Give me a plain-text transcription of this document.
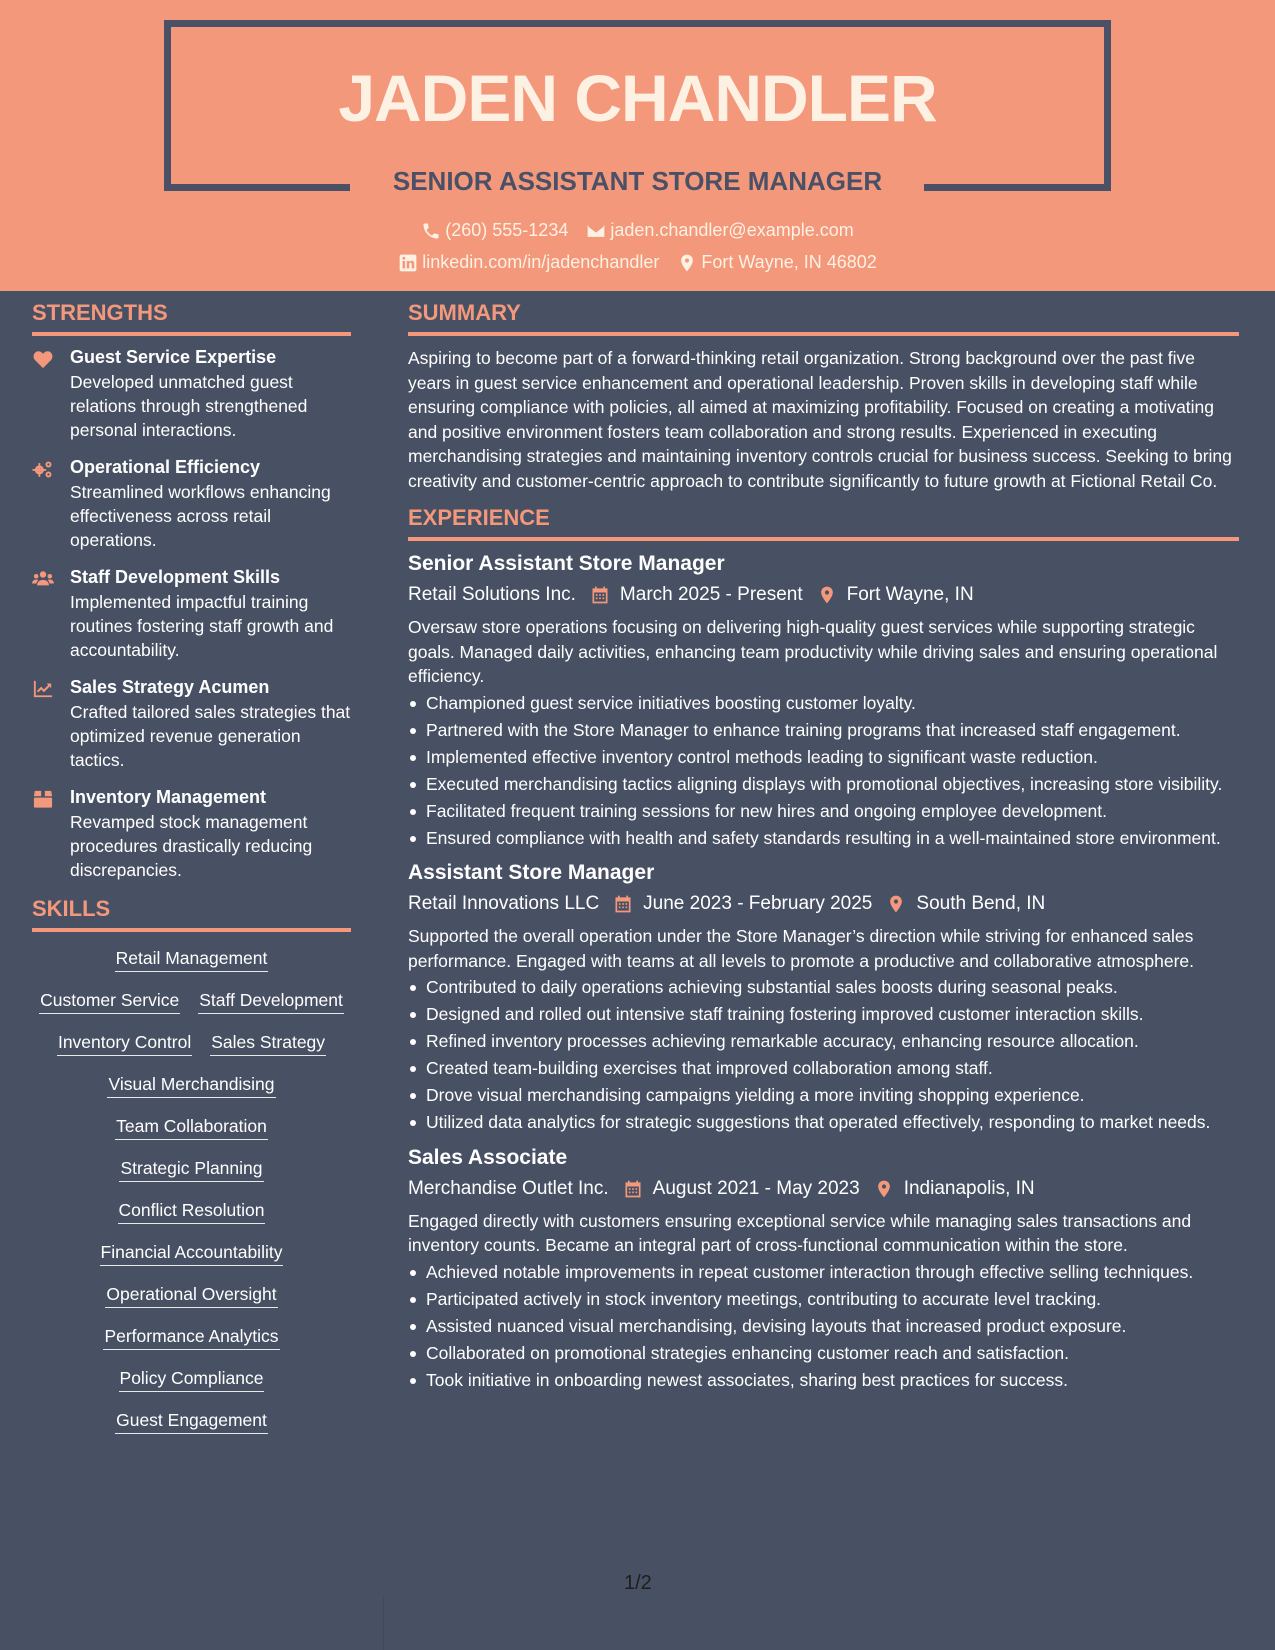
JADEN CHANDLER
SENIOR ASSISTANT STORE MANAGER
(260) 555-1234 jaden.chandler@example.com
linkedin.com/in/jadenchandler Fort Wayne, IN 46802
STRENGTHS
Guest Service Expertise
Developed unmatched guest relations through strengthened personal interactions.
Operational Efficiency
Streamlined workflows enhancing effectiveness across retail operations.
Staff Development Skills
Implemented impactful training routines fostering staff growth and accountability.
Sales Strategy Acumen
Crafted tailored sales strategies that optimized revenue generation tactics.
Inventory Management
Revamped stock management procedures drastically reducing discrepancies.
SKILLS
Retail Management
Customer Service Staff Development
Inventory Control Sales Strategy
Visual Merchandising
Team Collaboration
Strategic Planning
Conflict Resolution
Financial Accountability
Operational Oversight
Performance Analytics
Policy Compliance
Guest Engagement
SUMMARY
Aspiring to become part of a forward-thinking retail organization. Strong background over the past five years in guest service enhancement and operational leadership. Proven skills in developing staff while ensuring compliance with policies, all aimed at maximizing profitability. Focused on creating a motivating and positive environment fosters team collaboration and strong results. Experienced in executing merchandising strategies and maintaining inventory controls crucial for business success. Seeking to bring creativity and customer-centric approach to contribute significantly to future growth at Fictional Retail Co.
EXPERIENCE
Senior Assistant Store Manager
Retail Solutions Inc. March 2025 - Present Fort Wayne, IN
Oversaw store operations focusing on delivering high-quality guest services while supporting strategic goals. Managed daily activities, enhancing team productivity while driving sales and ensuring operational efficiency.
Championed guest service initiatives boosting customer loyalty.
Partnered with the Store Manager to enhance training programs that increased staff engagement.
Implemented effective inventory control methods leading to significant waste reduction.
Executed merchandising tactics aligning displays with promotional objectives, increasing store visibility.
Facilitated frequent training sessions for new hires and ongoing employee development.
Ensured compliance with health and safety standards resulting in a well-maintained store environment.
Assistant Store Manager
Retail Innovations LLC June 2023 - February 2025 South Bend, IN
Supported the overall operation under the Store Manager’s direction while striving for enhanced sales performance. Engaged with teams at all levels to promote a productive and collaborative atmosphere.
Contributed to daily operations achieving substantial sales boosts during seasonal peaks.
Designed and rolled out intensive staff training fostering improved customer interaction skills.
Refined inventory processes achieving remarkable accuracy, enhancing resource allocation.
Created team-building exercises that improved collaboration among staff.
Drove visual merchandising campaigns yielding a more inviting shopping experience.
Utilized data analytics for strategic suggestions that operated effectively, responding to market needs.
Sales Associate
Merchandise Outlet Inc. August 2021 - May 2023 Indianapolis, IN
Engaged directly with customers ensuring exceptional service while managing sales transactions and inventory counts. Became an integral part of cross-functional communication within the store.
Achieved notable improvements in repeat customer interaction through effective selling techniques.
Participated actively in stock inventory meetings, contributing to accurate level tracking.
Assisted nuanced visual merchandising, devising layouts that increased product exposure.
Collaborated on promotional strategies enhancing customer reach and satisfaction.
Took initiative in onboarding newest associates, sharing best practices for success.
1/2
